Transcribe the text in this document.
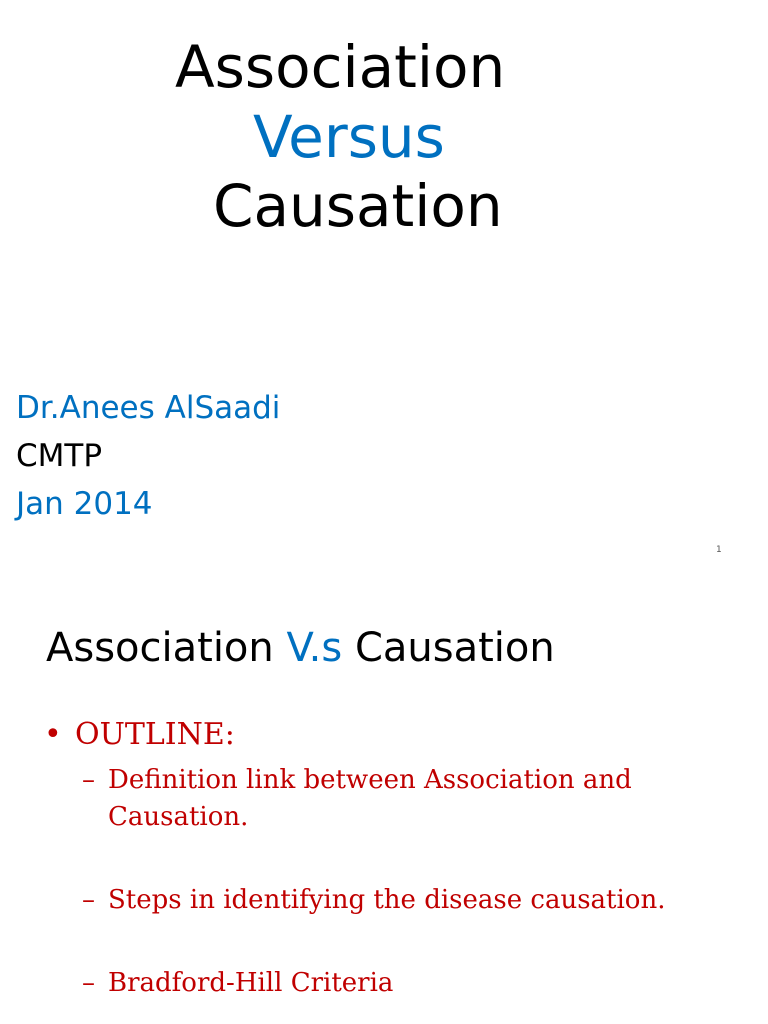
Association
Versus
Causation
Dr.Anees AlSaadi
CMTP
Jan 2014
1
Association V.s Causation
• OUTLINE:
– Definition link between Association and
Causation.
– Steps in identifying the disease causation.
– Bradford-Hill Criteria
